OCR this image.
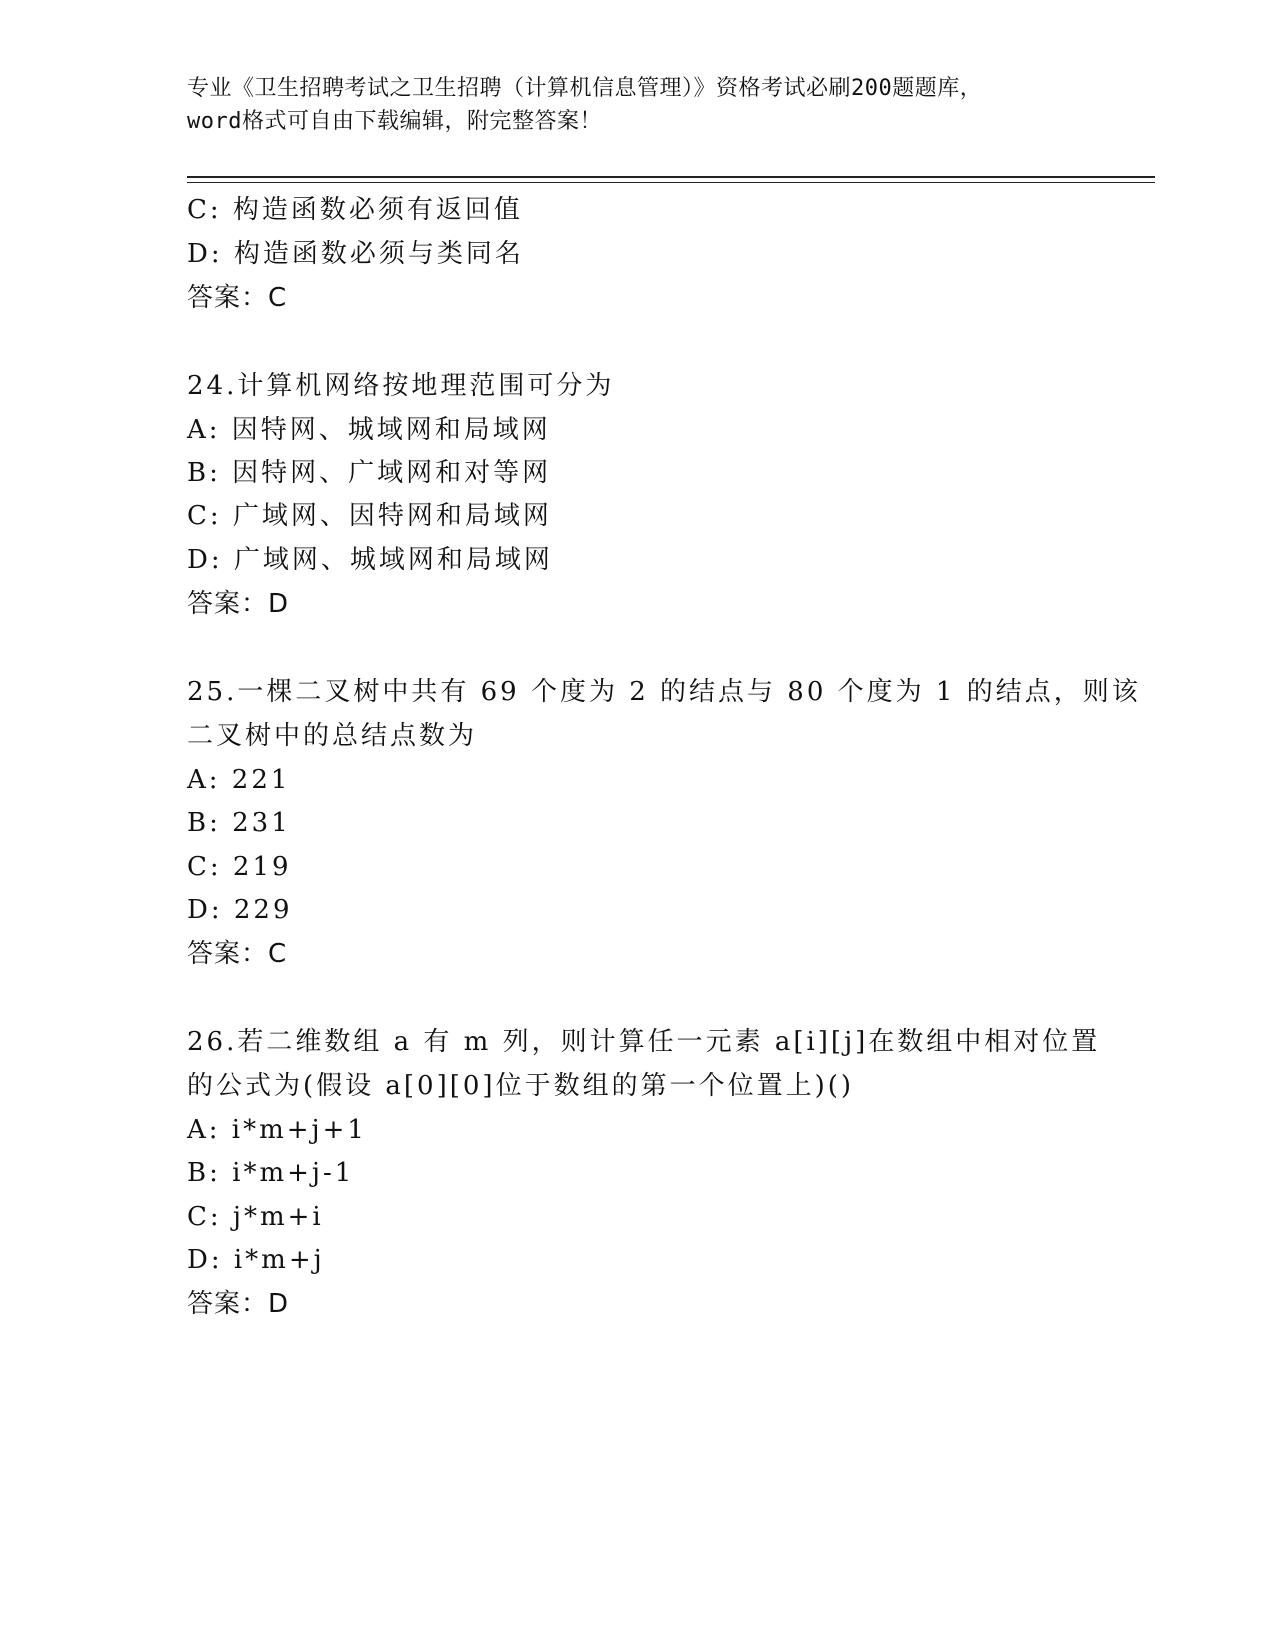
专业《卫生招聘考试之卫生招聘（计算机信息管理）》资格考试必刷200题题库，
word格式可自由下载编辑，附完整答案！
C: 构造函数必须有返回值
D: 构造函数必须与类同名
答案：C
24.计算机网络按地理范围可分为
A: 因特网、城域网和局域网
B: 因特网、广域网和对等网
C: 广域网、因特网和局域网
D: 广域网、城域网和局域网
答案：D
25.一棵二叉树中共有 69 个度为 2 的结点与 80 个度为 1 的结点，则该
二叉树中的总结点数为
A: 221
B: 231
C: 219
D: 229
答案：C
26.若二维数组 a 有 m 列，则计算任一元素 a[i][j]在数组中相对位置
的公式为(假设 a[0][0]位于数组的第一个位置上)()
A: i*m+j+1
B: i*m+j-1
C: j*m+i
D: i*m+j
答案：D
